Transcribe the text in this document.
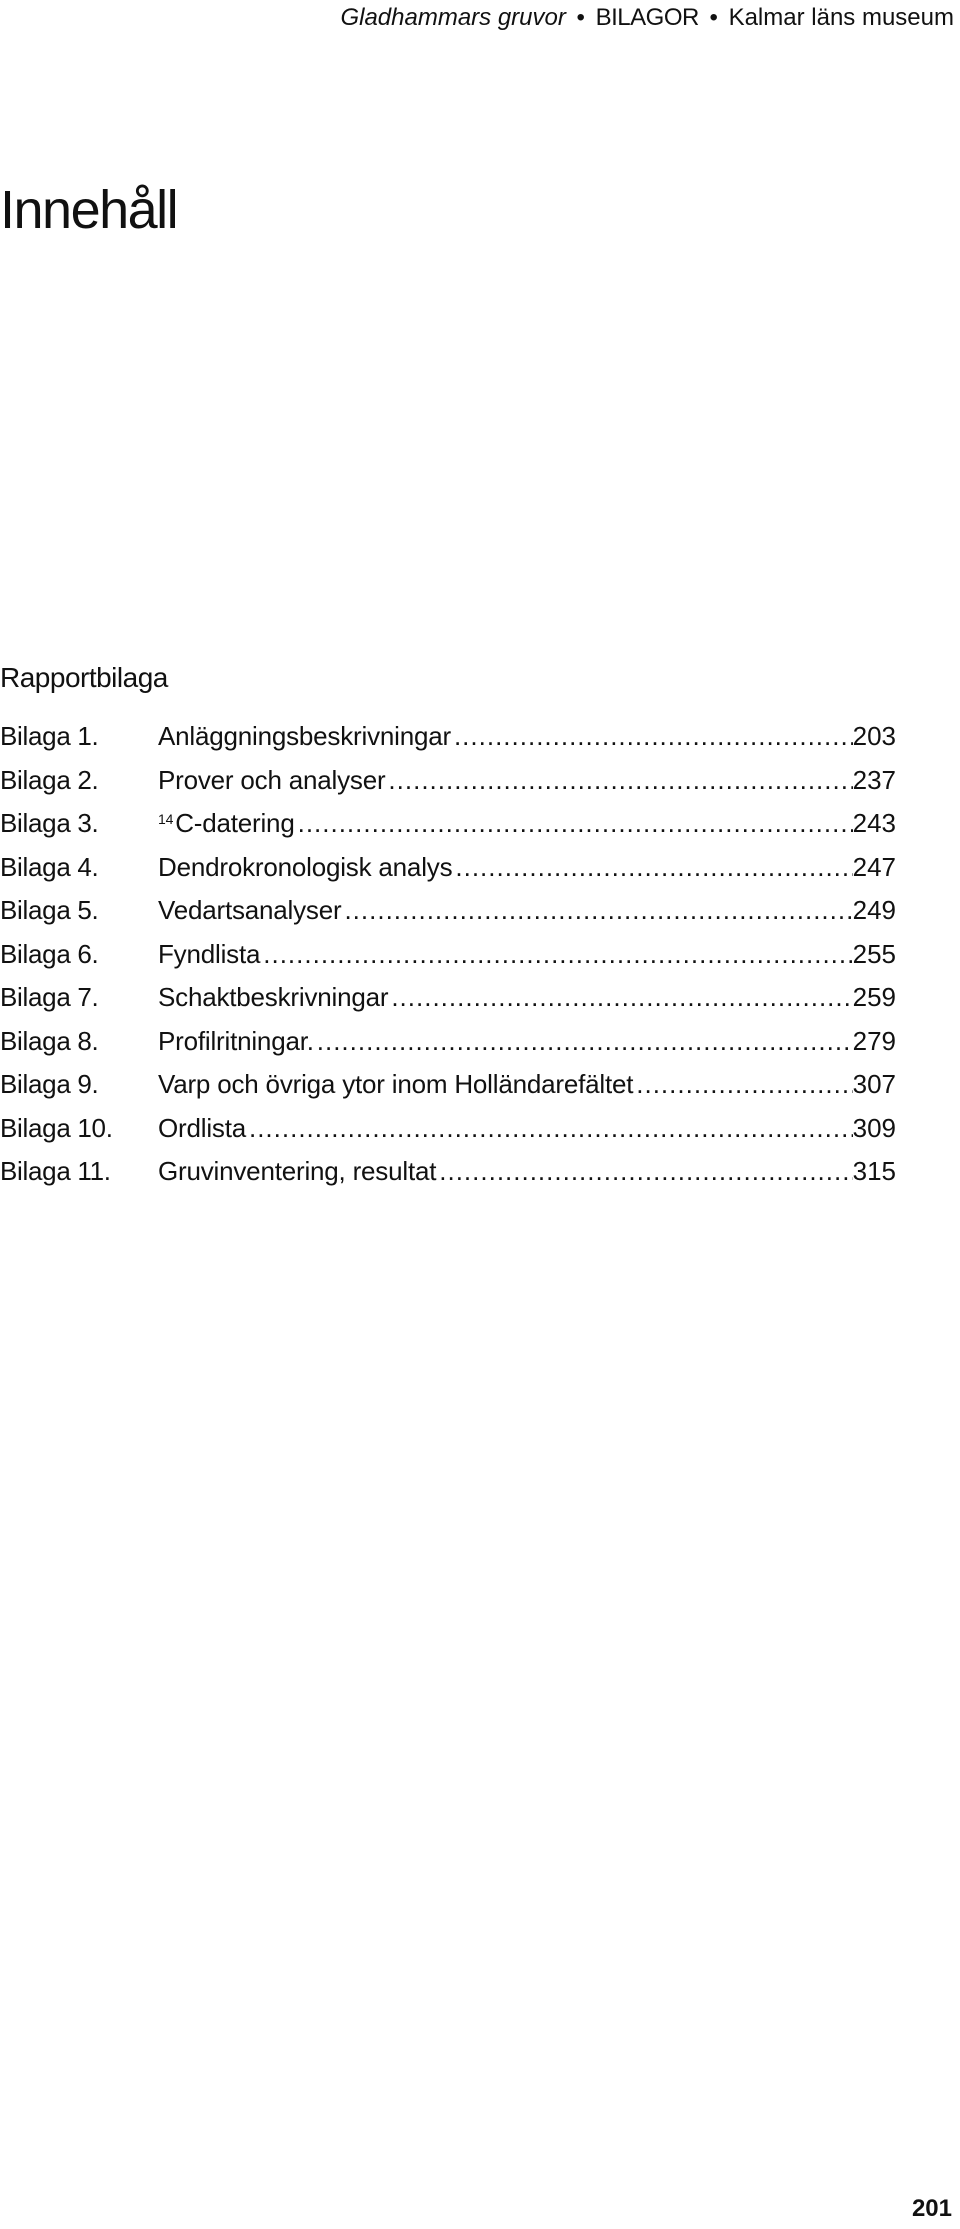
Gladhammars gruvor • BILAGOR • Kalmar läns museum
Innehåll
Rapportbilaga
Bilaga 1.	Anläggningsbeskrivningar .....	203
Bilaga 2.	Prover och analyser .....	237
Bilaga 3.	$^{14}$C-datering .....	243
Bilaga 4.	Dendrokronologisk analys .....	247
Bilaga 5.	Vedartsanalyser .....	249
Bilaga 6.	Fyndlista .....	255
Bilaga 7.	Schaktbeskrivningar .....	259
Bilaga 8.	Profilritningar. .....	279
Bilaga 9.	Varp och övriga ytor inom Holländarefältet .....	307
Bilaga 10.	Ordlista .....	309
Bilaga 11.	Gruvinventering, resultat .....	315
201
